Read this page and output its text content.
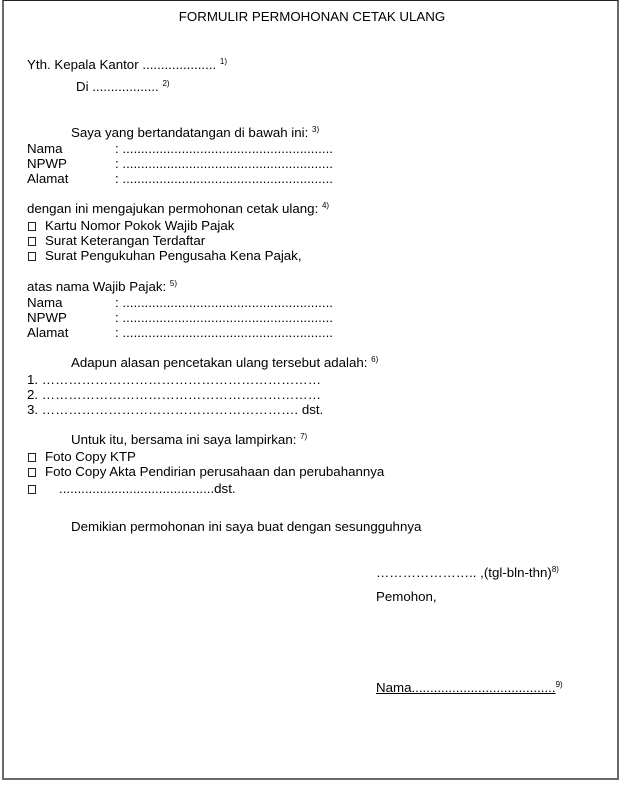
FORMULIR PERMOHONAN CETAK ULANG
Yth. Kepala Kantor .................... $^{1)}$
Di .................. $^{2)}$
Saya yang bertandatangan di bawah ini: $^{3)}$
Nama	: .........................................................
NPWP	: .........................................................
Alamat	: .........................................................
dengan ini mengajukan permohonan cetak ulang: $^{4)}$
Kartu Nomor Pokok Wajib Pajak
Surat Keterangan Terdaftar
Surat Pengukuhan Pengusaha Kena Pajak,
atas nama Wajib Pajak: $^{5)}$
Nama	: .........................................................
NPWP	: .........................................................
Alamat	: .........................................................
Adapun alasan pencetakan ulang tersebut adalah: $^{6)}$
1. ………………………………………………………
2. ………………………………………………………
3. …………………………………………………. dst.
Untuk itu, bersama ini saya lampirkan: $^{7)}$
Foto Copy KTP
Foto Copy Akta Pendirian perusahaan dan perubahannya
..........................................dst.
Demikian permohonan ini saya buat dengan sesungguhnya
………………….. $,(tgl-bln-thn)^{8)}$
Pemohon,
Nama.......................................$^{9)}$
